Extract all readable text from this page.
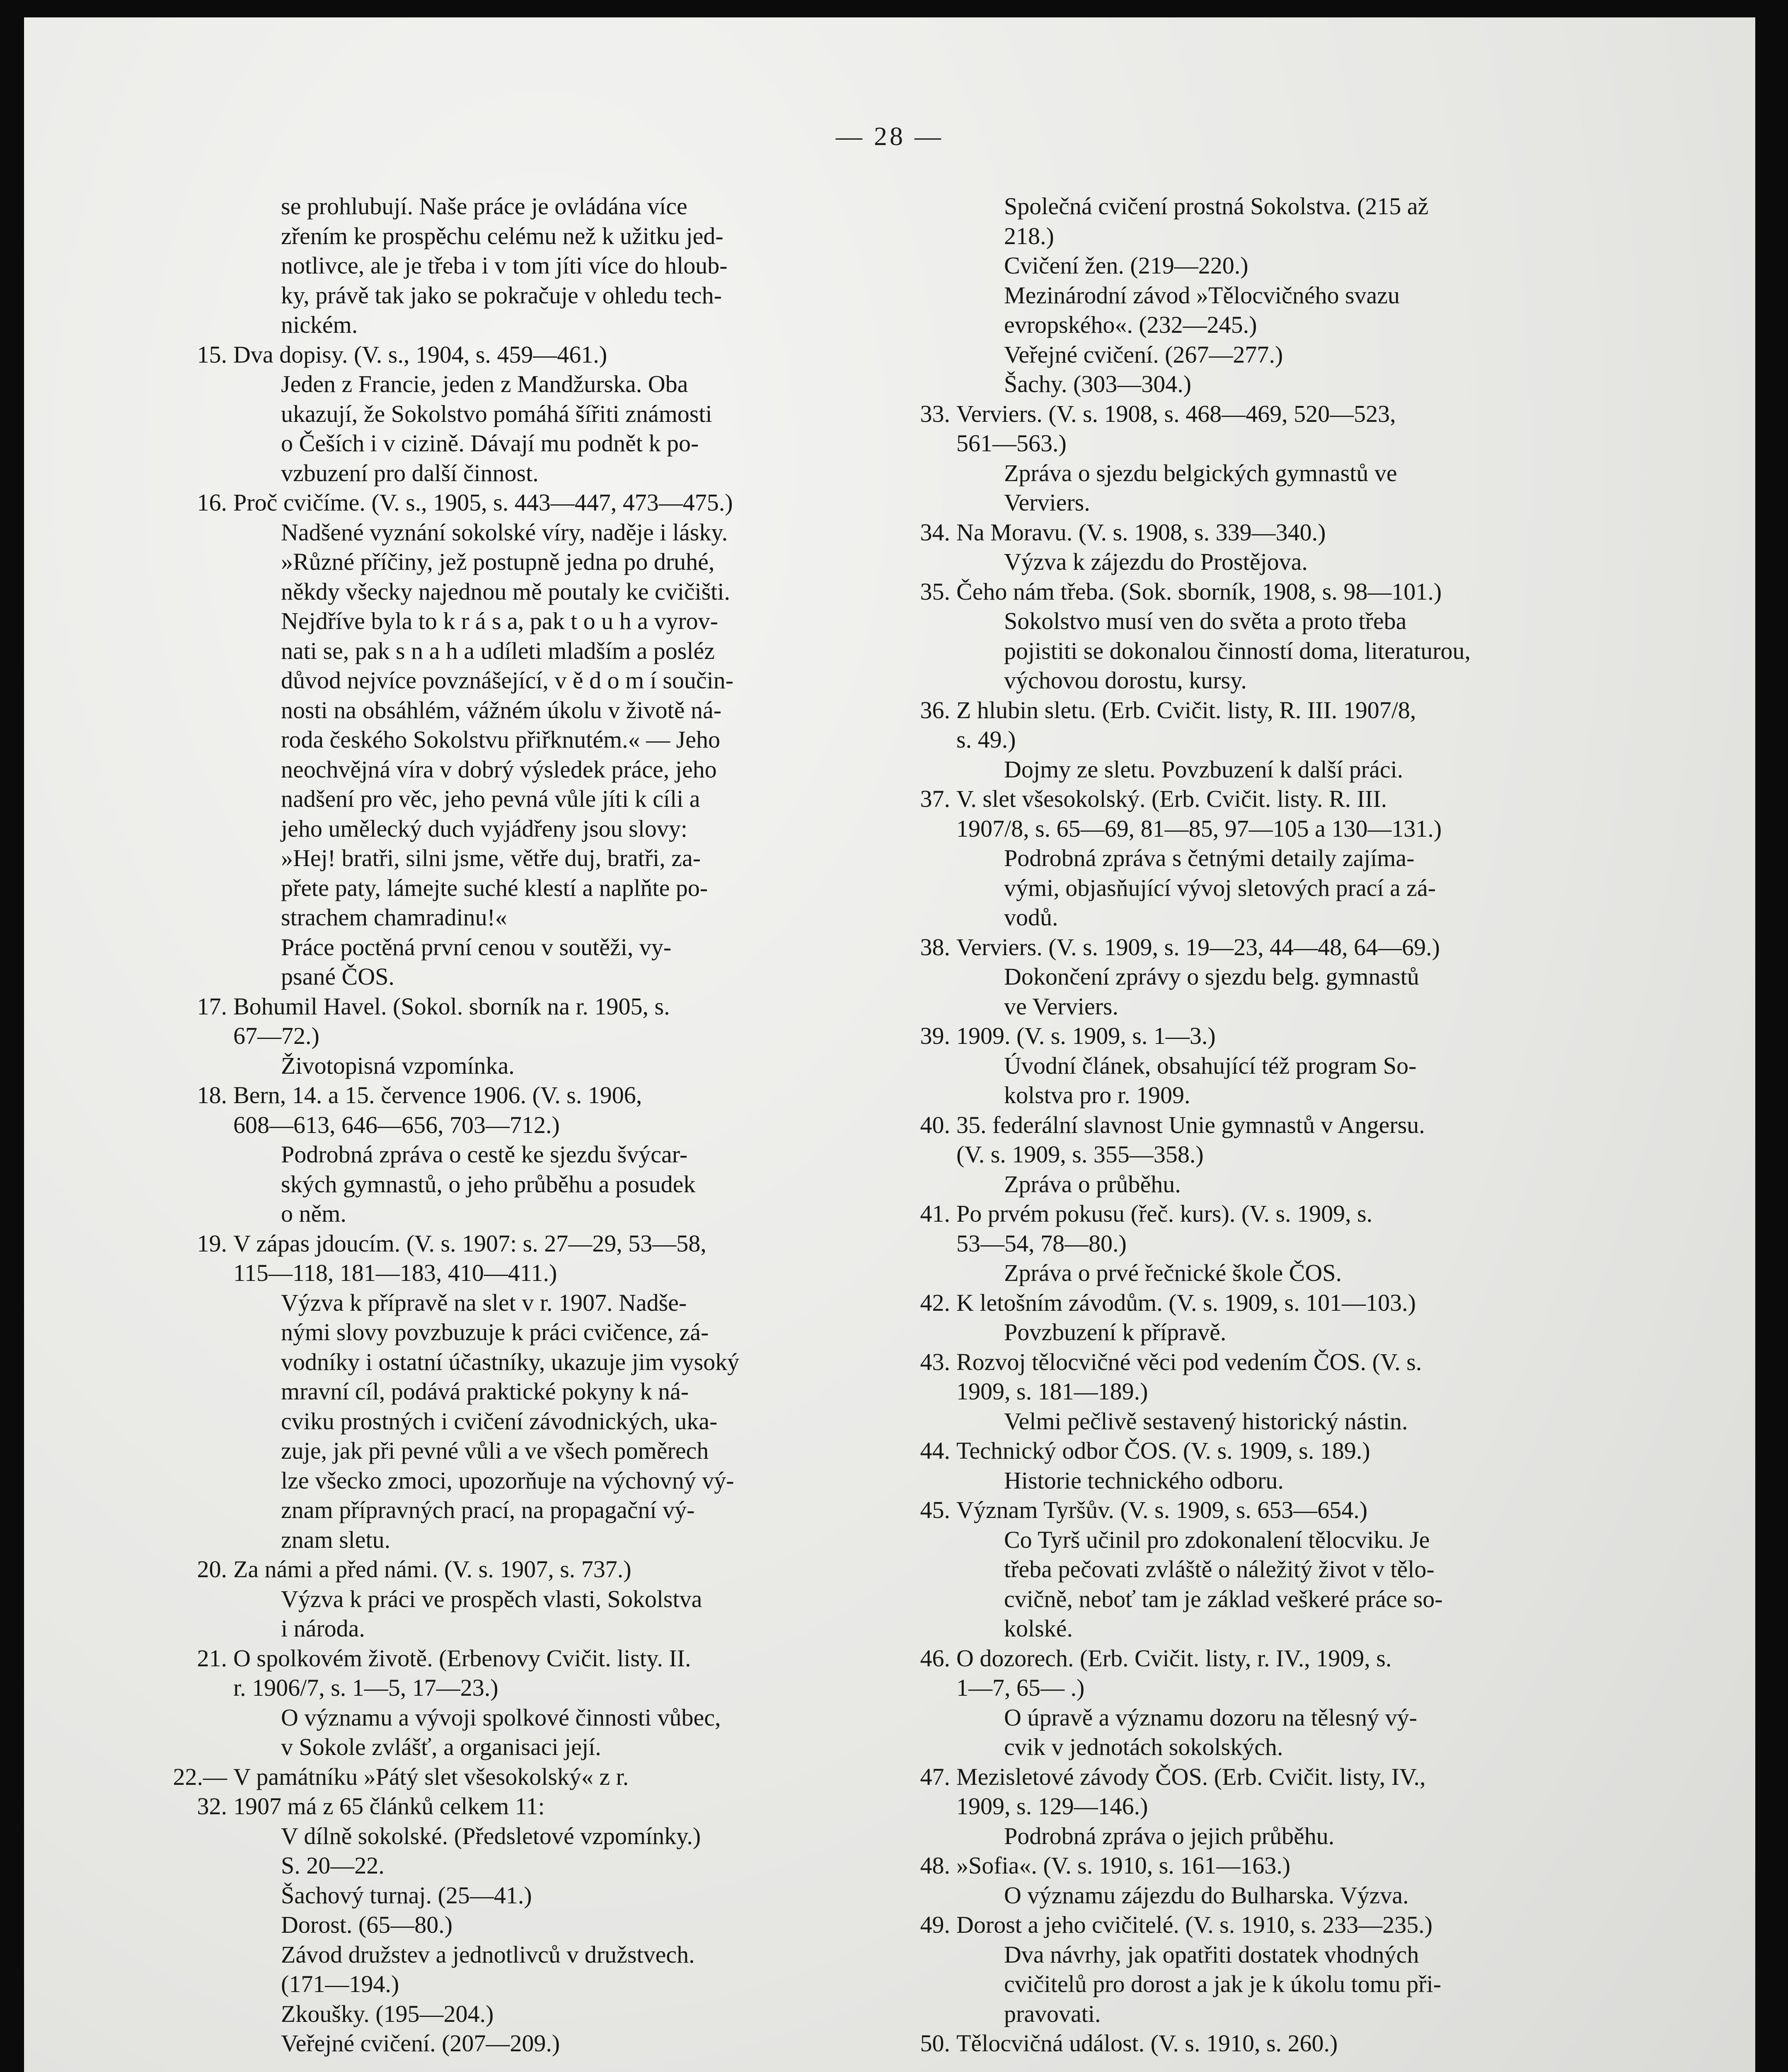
— 28 —
se prohlubují. Naše práce je ovládána více
zřením ke prospěchu celému než k užitku jed-
notlivce, ale je třeba i v tom jíti více do hloub-
ky, právě tak jako se pokračuje v ohledu tech-
nickém.
15. Dva dopisy. (V. s., 1904, s. 459—461.)
Jeden z Francie, jeden z Mandžurska. Oba
ukazují, že Sokolstvo pomáhá šířiti známosti
o Češích i v cizině. Dávají mu podnět k po-
vzbuzení pro další činnost.
16. Proč cvičíme. (V. s., 1905, s. 443—447, 473—475.)
Nadšené vyznání sokolské víry, naděje i lásky.
»Různé příčiny, jež postupně jedna po druhé,
někdy všecky najednou mě poutaly ke cvičišti.
Nejdříve byla to k r á s a, pak t o u h a vyrov-
nati se, pak s n a h a udíleti mladším a posléz
důvod nejvíce povznášející, v ě d o m í součin-
nosti na obsáhlém, vážném úkolu v životě ná-
roda českého Sokolstvu přiřknutém.« — Jeho
neochvějná víra v dobrý výsledek práce, jeho
nadšení pro věc, jeho pevná vůle jíti k cíli a
jeho umělecký duch vyjádřeny jsou slovy:
»Hej! bratři, silni jsme, větře duj, bratři, za-
přete paty, lámejte suché klestí a naplňte po-
strachem chamradinu!«
Práce poctěná první cenou v soutěži, vy-
psané ČOS.
17. Bohumil Havel. (Sokol. sborník na r. 1905, s.
67—72.)
Životopisná vzpomínka.
18. Bern, 14. a 15. července 1906. (V. s. 1906,
608—613, 646—656, 703—712.)
Podrobná zpráva o cestě ke sjezdu švýcar-
ských gymnastů, o jeho průběhu a posudek
o něm.
19. V zápas jdoucím. (V. s. 1907: s. 27—29, 53—58,
115—118, 181—183, 410—411.)
Výzva k přípravě na slet v r. 1907. Nadše-
nými slovy povzbuzuje k práci cvičence, zá-
vodníky i ostatní účastníky, ukazuje jim vysoký
mravní cíl, podává praktické pokyny k ná-
cviku prostných i cvičení závodnických, uka-
zuje, jak při pevné vůli a ve všech poměrech
lze všecko zmoci, upozorňuje na výchovný vý-
znam přípravných prací, na propagační vý-
znam sletu.
20. Za námi a před námi. (V. s. 1907, s. 737.)
Výzva k práci ve prospěch vlasti, Sokolstva
i národa.
21. O spolkovém životě. (Erbenovy Cvičit. listy. II.
r. 1906/7, s. 1—5, 17—23.)
O významu a vývoji spolkové činnosti vůbec,
v Sokole zvlášť, a organisaci její.
22.—32.
V památníku »Pátý slet všesokolský« z r.
1907 má z 65 článků celkem 11:
V dílně sokolské. (Předsletové vzpomínky.)
S. 20—22.
Šachový turnaj. (25—41.)
Dorost. (65—80.)
Závod družstev a jednotlivců v družstvech.
(171—194.)
Zkoušky. (195—204.)
Veřejné cvičení. (207—209.)
Společná cvičení prostná Sokolstva. (215 až
218.)
Cvičení žen. (219—220.)
Mezinárodní závod »Tělocvičného svazu
evropského«. (232—245.)
Veřejné cvičení. (267—277.)
Šachy. (303—304.)
33. Verviers. (V. s. 1908, s. 468—469, 520—523,
561—563.)
Zpráva o sjezdu belgických gymnastů ve
Verviers.
34. Na Moravu. (V. s. 1908, s. 339—340.)
Výzva k zájezdu do Prostějova.
35. Čeho nám třeba. (Sok. sborník, 1908, s. 98—101.)
Sokolstvo musí ven do světa a proto třeba
pojistiti se dokonalou činností doma, literaturou,
výchovou dorostu, kursy.
36. Z hlubin sletu. (Erb. Cvičit. listy, R. III. 1907/8,
s. 49.)
Dojmy ze sletu. Povzbuzení k další práci.
37. V. slet všesokolský. (Erb. Cvičit. listy. R. III.
1907/8, s. 65—69, 81—85, 97—105 a 130—131.)
Podrobná zpráva s četnými detaily zajíma-
vými, objasňující vývoj sletových prací a zá-
vodů.
38. Verviers. (V. s. 1909, s. 19—23, 44—48, 64—69.)
Dokončení zprávy o sjezdu belg. gymnastů
ve Verviers.
39. 1909. (V. s. 1909, s. 1—3.)
Úvodní článek, obsahující též program So-
kolstva pro r. 1909.
40. 35. federální slavnost Unie gymnastů v Angersu.
(V. s. 1909, s. 355—358.)
Zpráva o průběhu.
41. Po prvém pokusu (řeč. kurs). (V. s. 1909, s.
53—54, 78—80.)
Zpráva o prvé řečnické škole ČOS.
42. K letošním závodům. (V. s. 1909, s. 101—103.)
Povzbuzení k přípravě.
43. Rozvoj tělocvičné věci pod vedením ČOS. (V. s.
1909, s. 181—189.)
Velmi pečlivě sestavený historický nástin.
44. Technický odbor ČOS. (V. s. 1909, s. 189.)
Historie technického odboru.
45. Význam Tyršův. (V. s. 1909, s. 653—654.)
Co Tyrš učinil pro zdokonalení tělocviku. Je
třeba pečovati zvláště o náležitý život v tělo-
cvičně, neboť tam je základ veškeré práce so-
kolské.
46. O dozorech. (Erb. Cvičit. listy, r. IV., 1909, s.
1—7, 65— .)
O úpravě a významu dozoru na tělesný vý-
cvik v jednotách sokolských.
47. Mezisletové závody ČOS. (Erb. Cvičit. listy, IV.,
1909, s. 129—146.)
Podrobná zpráva o jejich průběhu.
48. »Sofia«. (V. s. 1910, s. 161—163.)
O významu zájezdu do Bulharska. Výzva.
49. Dorost a jeho cvičitelé. (V. s. 1910, s. 233—235.)
Dva návrhy, jak opatřiti dostatek vhodných
cvičitelů pro dorost a jak je k úkolu tomu při-
pravovati.
50. Tělocvičná událost. (V. s. 1910, s. 260.)
